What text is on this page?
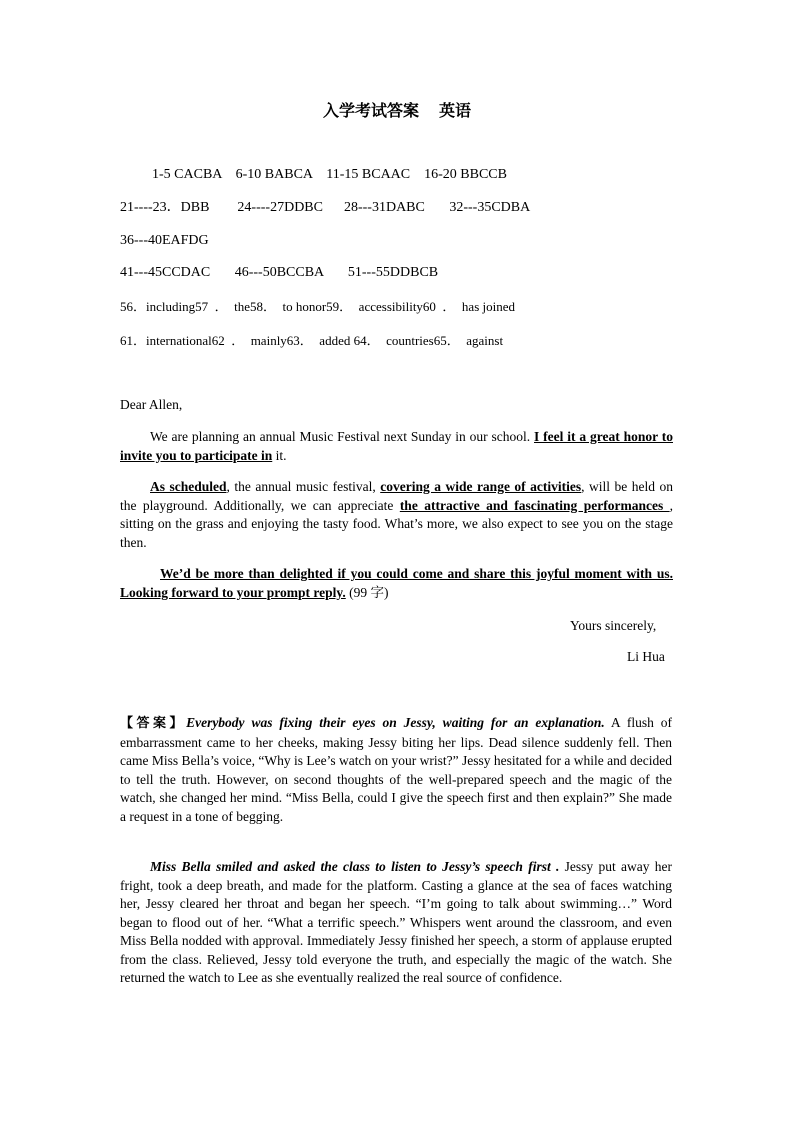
入学考试答案 英语
1-5 CACBA    6-10 BABCA    11-15 BCAAC    16-20 BBCCB
21----23．DBB        24----27DDBC      28---31DABC       32---35CDBA
36---40EAFDG
41---45CCDAC       46---50BCCBA       51---55DDBCB
56．including57  ．  the58．  to honor59．  accessibility60  ．  has joined
61．international62  ．  mainly63．  added 64．  countries65．  against

Dear Allen,

We are planning an annual Music Festival next Sunday in our school. I feel it a great honor to invite you to participate in it.

As scheduled, the annual music festival, covering a wide range of activities, will be held on the playground. Additionally, we can appreciate the attractive and fascinating performances , sitting on the grass and enjoying the tasty food. What’s more, we also expect to see you on the stage then.

We’d be more than delighted if you could come and share this joyful moment with us. Looking forward to your prompt reply. (99 字)

Yours sincerely,
Li Hua

【答案】Everybody was fixing their eyes on Jessy, waiting for an explanation. A flush of embarrassment came to her cheeks, making Jessy biting her lips. Dead silence suddenly fell. Then came Miss Bella’s voice, “Why is Lee’s watch on your wrist?” Jessy hesitated for a while and decided to tell the truth. However, on second thoughts of the well-prepared speech and the magic of the watch, she changed her mind. “Miss Bella, could I give the speech first and then explain?” She made a request in a tone of begging.

Miss Bella smiled and asked the class to listen to Jessy’s speech first . Jessy put away her fright, took a deep breath, and made for the platform. Casting a glance at the sea of faces watching her, Jessy cleared her throat and began her speech. “I’m going to talk about swimming…” Word began to flood out of her. “What a terrific speech.” Whispers went around the classroom, and even Miss Bella nodded with approval. Immediately Jessy finished her speech, a storm of applause erupted from the class. Relieved, Jessy told everyone the truth, and especially the magic of the watch. She returned the watch to Lee as she eventually realized the real source of confidence.
